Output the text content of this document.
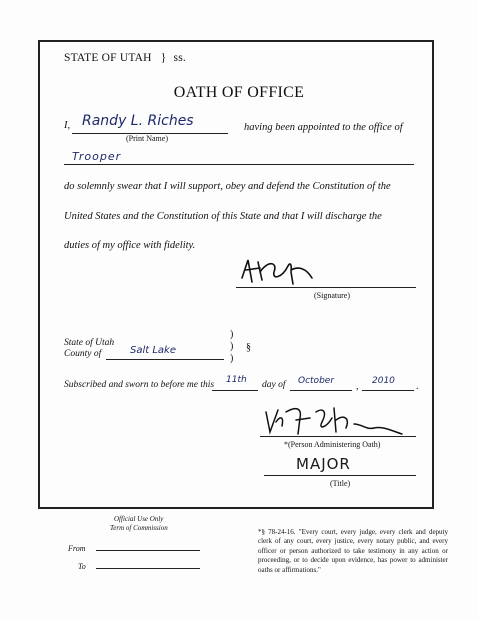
STATE OF UTAH } ss.
OATH OF OFFICE
I, Randy L. Riches
(Print Name)
having been appointed to the office of
Trooper
do solemnly swear that I will support, obey and defend the Constitution of the
United States and the Constitution of this State and that I will discharge the
duties of my office with fidelity.
(Signature)
State of Utah
County of	Salt Lake
)
)
)
§
Subscribed and sworn to before me this 11th day of October , 2010 .
*(Person Administering Oath)
MAJOR
(Title)
Official Use Only
Term of Commission
From
To
*§ 78-24-16. "Every court, every judge, every clerk and deputy clerk of any court, every justice, every notary public, and every officer or person authorized to take testimony in any action or proceeding, or to decide upon evidence, has power to administer oaths or affirmations."
